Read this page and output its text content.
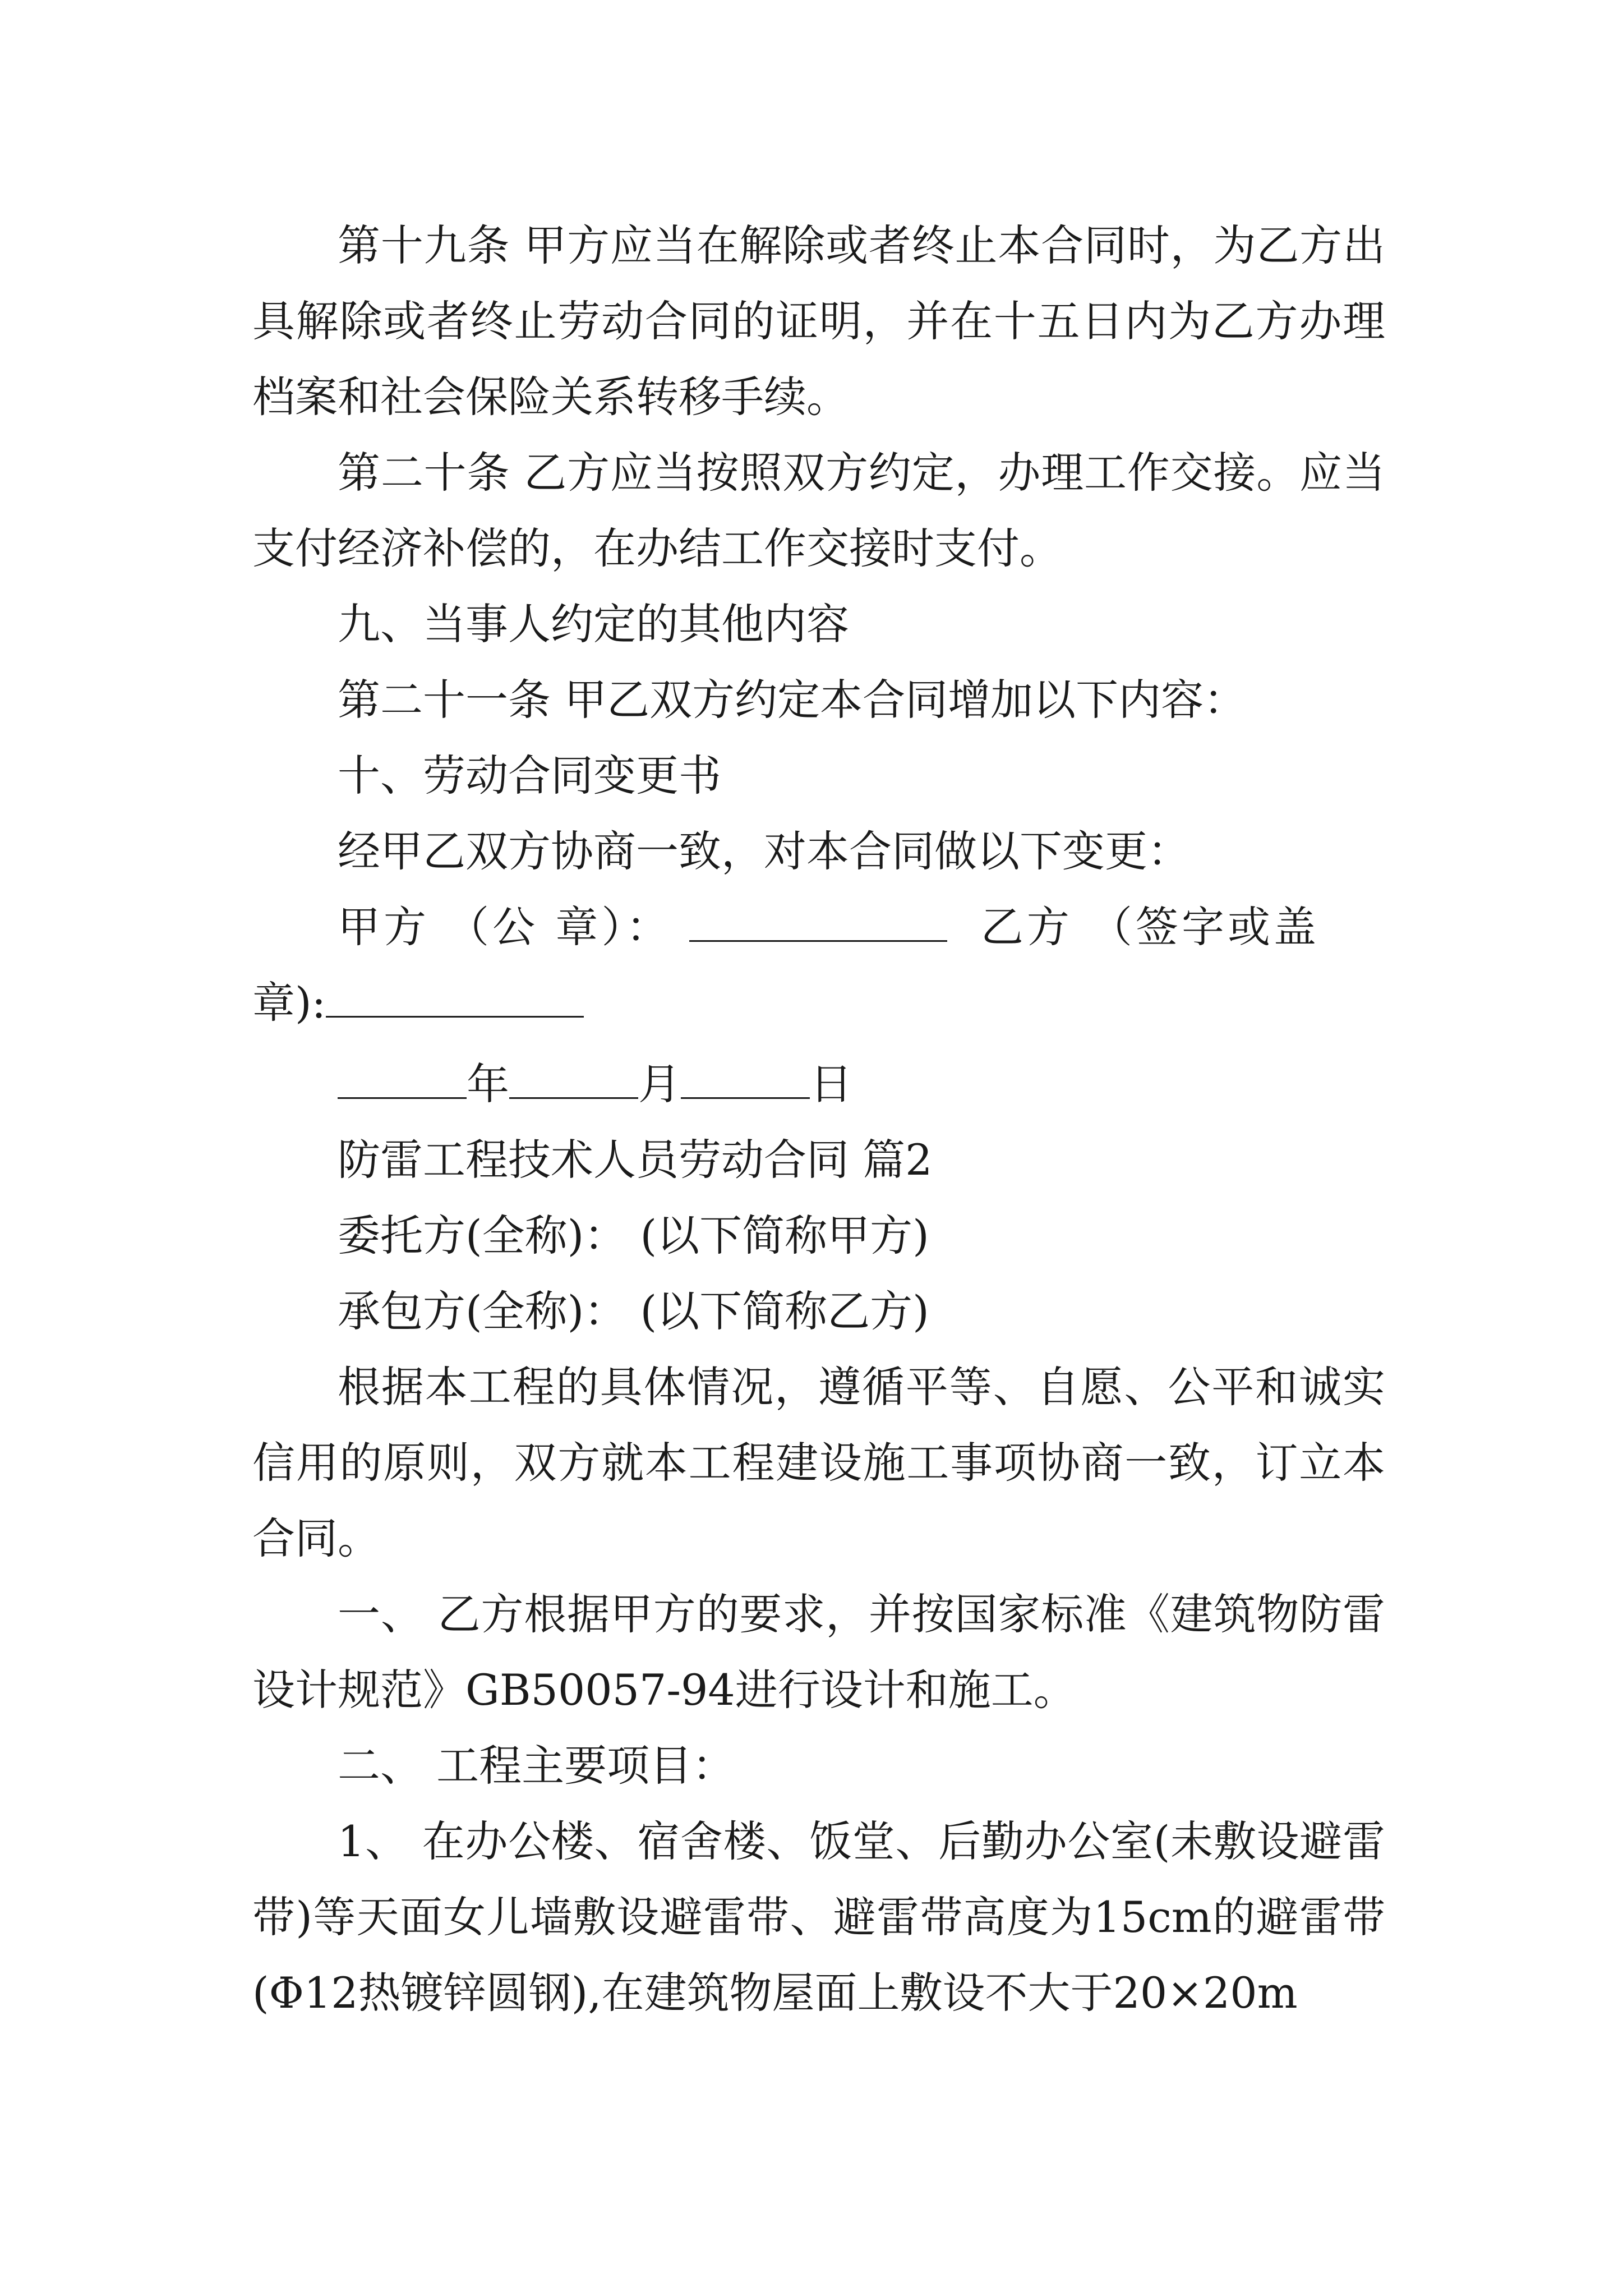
第十九条 甲方应当在解除或者终止本合同时，为乙方出具解除或者终止劳动合同的证明，并在十五日内为乙方办理档案和社会保险关系转移手续。

第二十条 乙方应当按照双方约定，办理工作交接。应当支付经济补偿的，在办结工作交接时支付。

九、当事人约定的其他内容

第二十一条 甲乙双方约定本合同增加以下内容：

十、劳动合同变更书

经甲乙双方协商一致，对本合同做以下变更：

甲方 （公 章）：	乙方 （签字或盖

章):

年	月	日

防雷工程技术人员劳动合同 篇2

委托方(全称)： (以下简称甲方)

承包方(全称)： (以下简称乙方)

根据本工程的具体情况，遵循平等、自愿、公平和诚实信用的原则，双方就本工程建设施工事项协商一致，订立本合同。

一、 乙方根据甲方的要求，并按国家标准《建筑物防雷设计规范》GB50057-94进行设计和施工。

二、 工程主要项目：

1、 在办公楼、宿舍楼、饭堂、后勤办公室(未敷设避雷带)等天面女儿墙敷设避雷带、避雷带高度为15cm的避雷带(Φ12热镀锌圆钢),在建筑物屋面上敷设不大于20×20m
